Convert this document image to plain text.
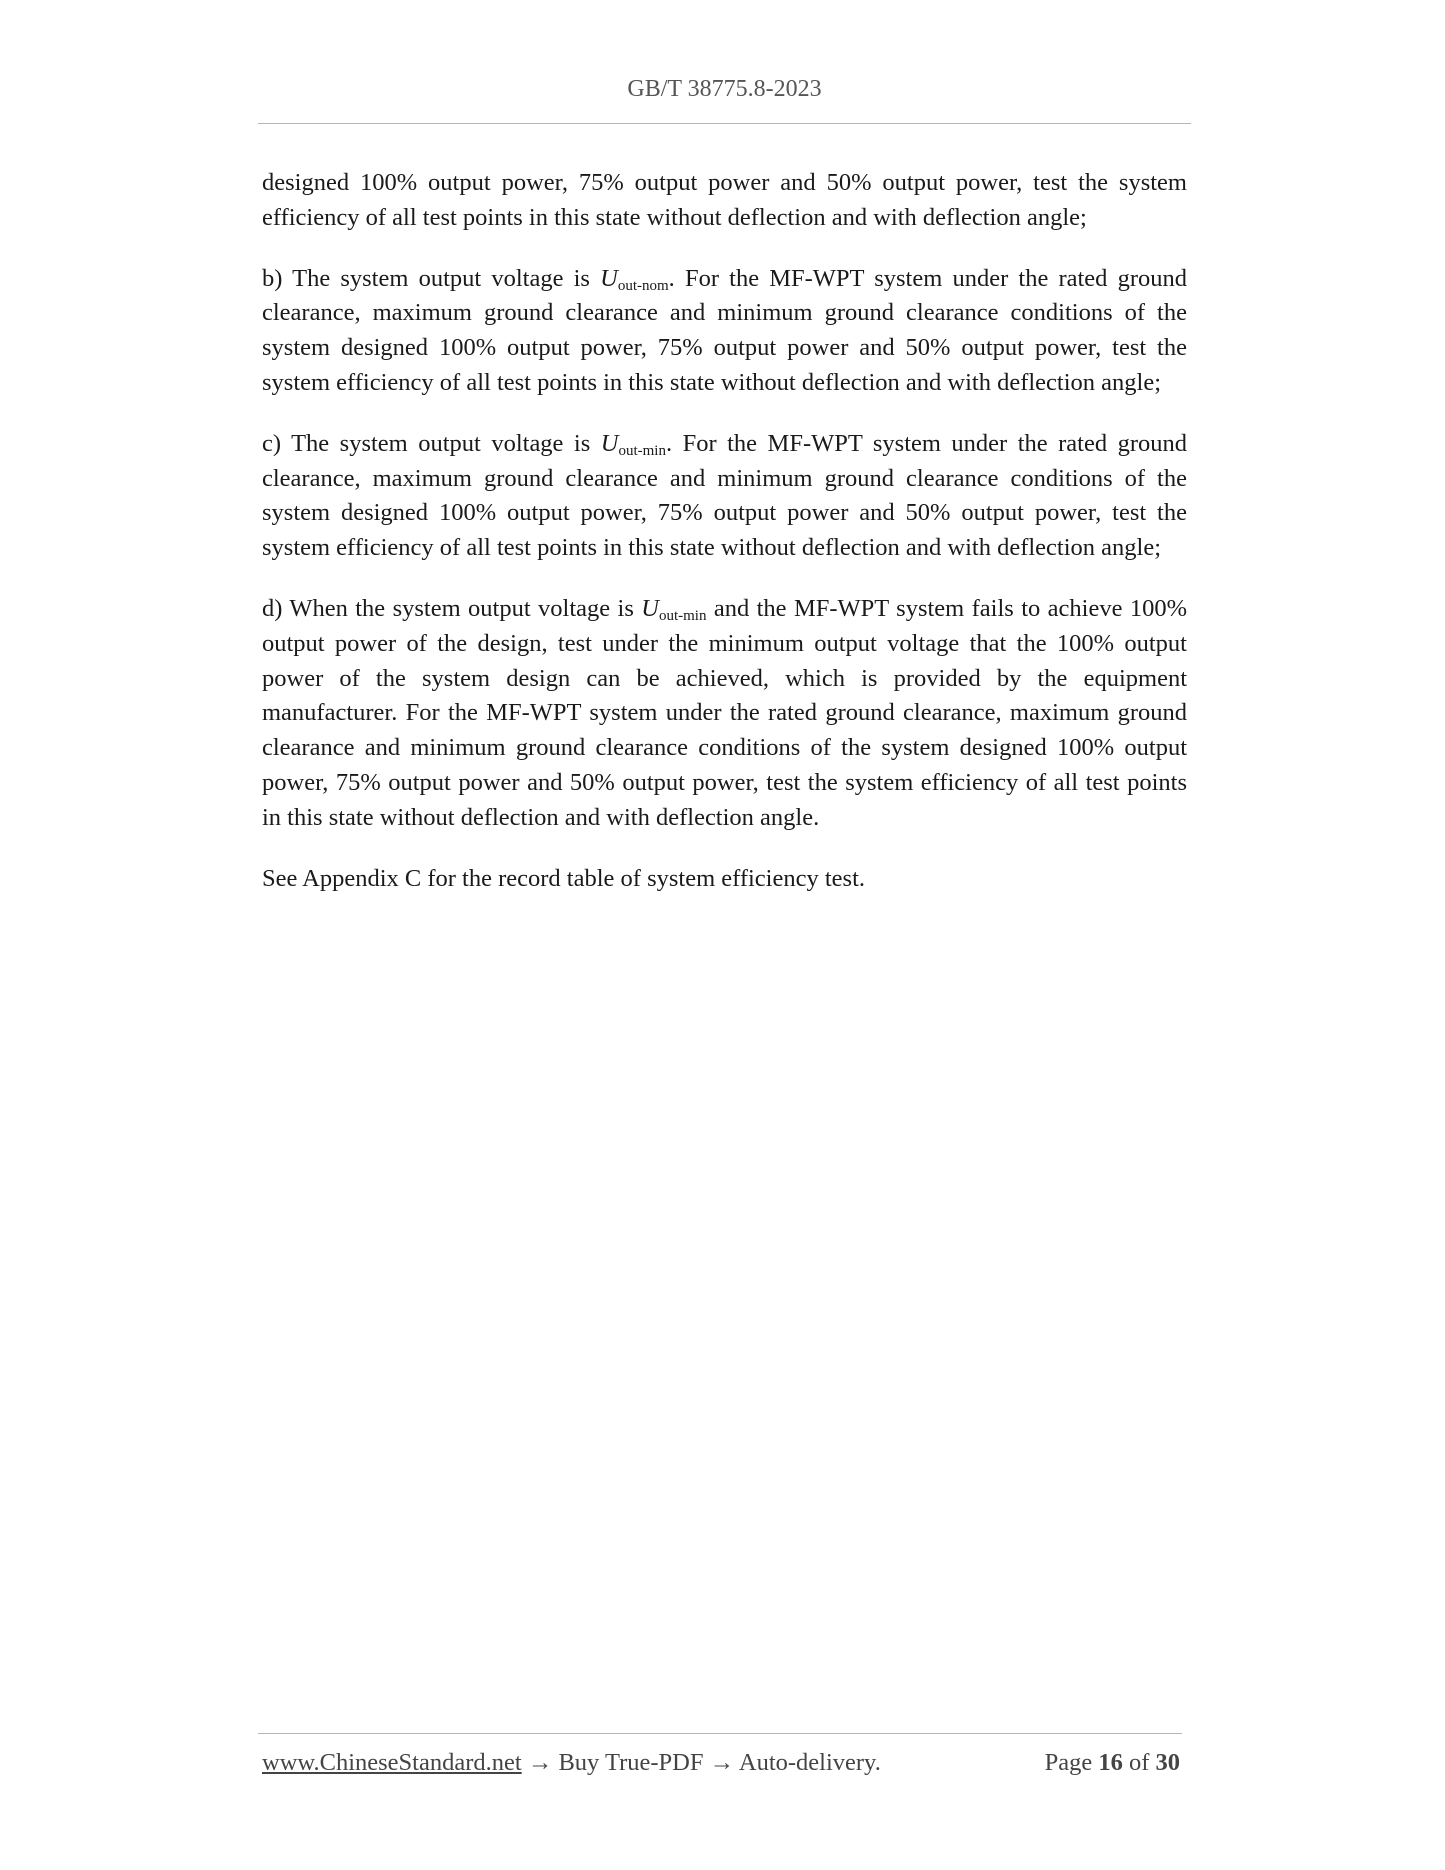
GB/T 38775.8-2023

designed 100% output power, 75% output power and 50% output power, test the system efficiency of all test points in this state without deflection and with deflection angle;

b) The system output voltage is $U_{out-nom}$. For the MF-WPT system under the rated ground clearance, maximum ground clearance and minimum ground clearance conditions of the system designed 100% output power, 75% output power and 50% output power, test the system efficiency of all test points in this state without deflection and with deflection angle;

c) The system output voltage is $U_{out-min}$. For the MF-WPT system under the rated ground clearance, maximum ground clearance and minimum ground clearance conditions of the system designed 100% output power, 75% output power and 50% output power, test the system efficiency of all test points in this state without deflection and with deflection angle;

d) When the system output voltage is $U_{out-min}$ and the MF-WPT system fails to achieve 100% output power of the design, test under the minimum output voltage that the 100% output power of the system design can be achieved, which is provided by the equipment manufacturer. For the MF-WPT system under the rated ground clearance, maximum ground clearance and minimum ground clearance conditions of the system designed 100% output power, 75% output power and 50% output power, test the system efficiency of all test points in this state without deflection and with deflection angle.

See Appendix C for the record table of system efficiency test.

www.ChineseStandard.net → Buy True-PDF → Auto-delivery.	Page 16 of 30
